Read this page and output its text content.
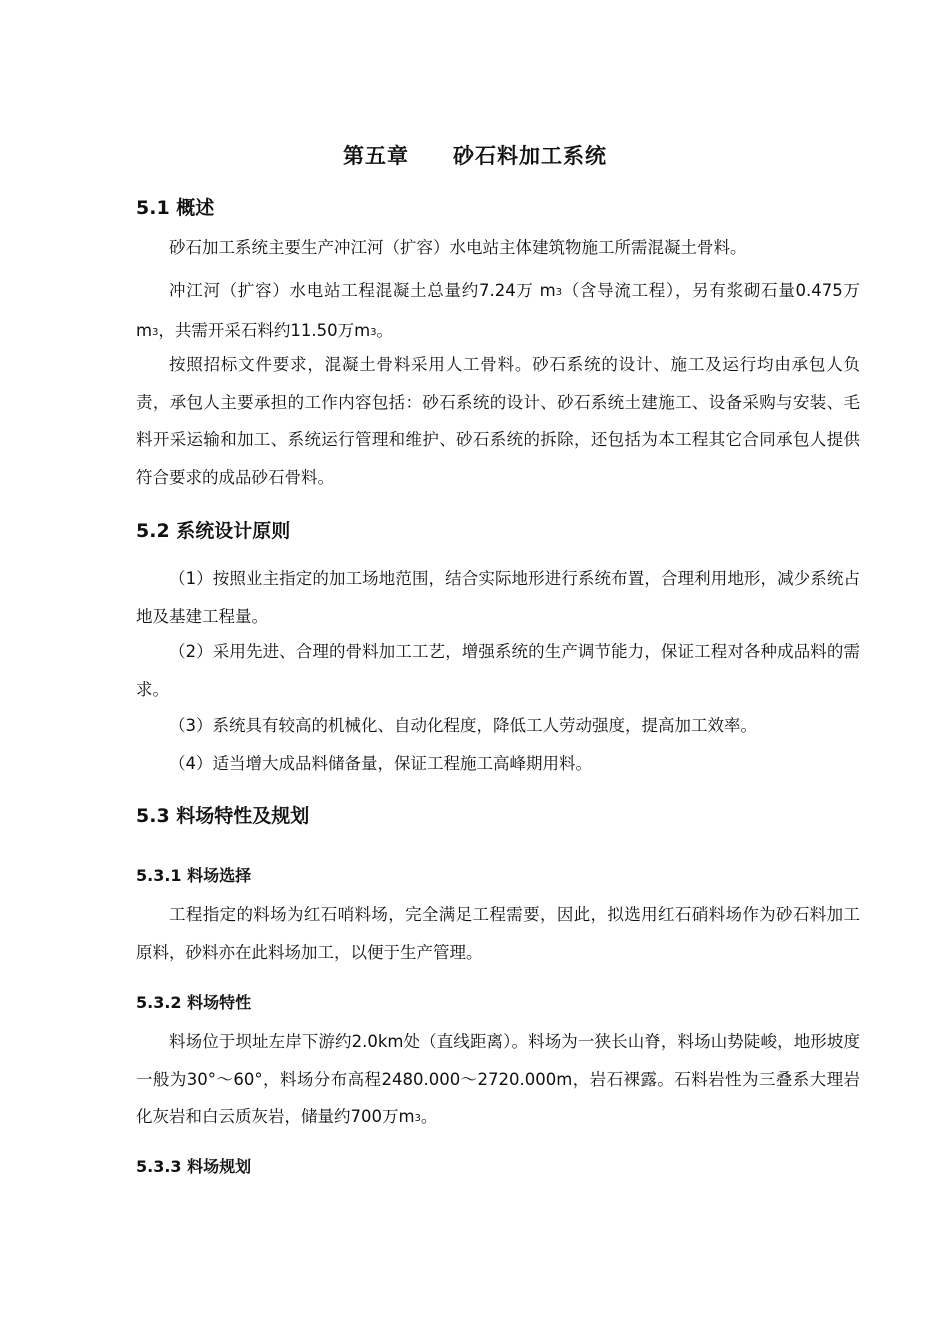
第五章　　砂石料加工系统
5.1 概述

砂石加工系统主要生产冲江河（扩容）水电站主体建筑物施工所需混凝土骨料。

冲江河（扩容）水电站工程混凝土总量约7.24万 $m^3$（含导流工程），另有浆砌石量0.475万$m^3$，共需开采石料约11.50万$m^3$。

按照招标文件要求，混凝土骨料采用人工骨料。砂石系统的设计、施工及运行均由承包人负责，承包人主要承担的工作内容包括：砂石系统的设计、砂石系统土建施工、设备采购与安装、毛料开采运输和加工、系统运行管理和维护、砂石系统的拆除，还包括为本工程其它合同承包人提供符合要求的成品砂石骨料。

5.2 系统设计原则

（1）按照业主指定的加工场地范围，结合实际地形进行系统布置，合理利用地形，减少系统占地及基建工程量。

（2）采用先进、合理的骨料加工工艺，增强系统的生产调节能力，保证工程对各种成品料的需求。

（3）系统具有较高的机械化、自动化程度，降低工人劳动强度，提高加工效率。

（4）适当增大成品料储备量，保证工程施工高峰期用料。

5.3 料场特性及规划
5.3.1 料场选择

工程指定的料场为红石哨料场，完全满足工程需要，因此，拟选用红石硝料场作为砂石料加工原料，砂料亦在此料场加工，以便于生产管理。

5.3.2 料场特性

料场位于坝址左岸下游约2.0km处（直线距离）。料场为一狭长山脊，料场山势陡峻，地形坡度一般为30°～60°，料场分布高程2480.000～2720.000m，岩石裸露。石料岩性为三叠系大理岩化灰岩和白云质灰岩，储量约700万$m^3$。

5.3.3 料场规划
